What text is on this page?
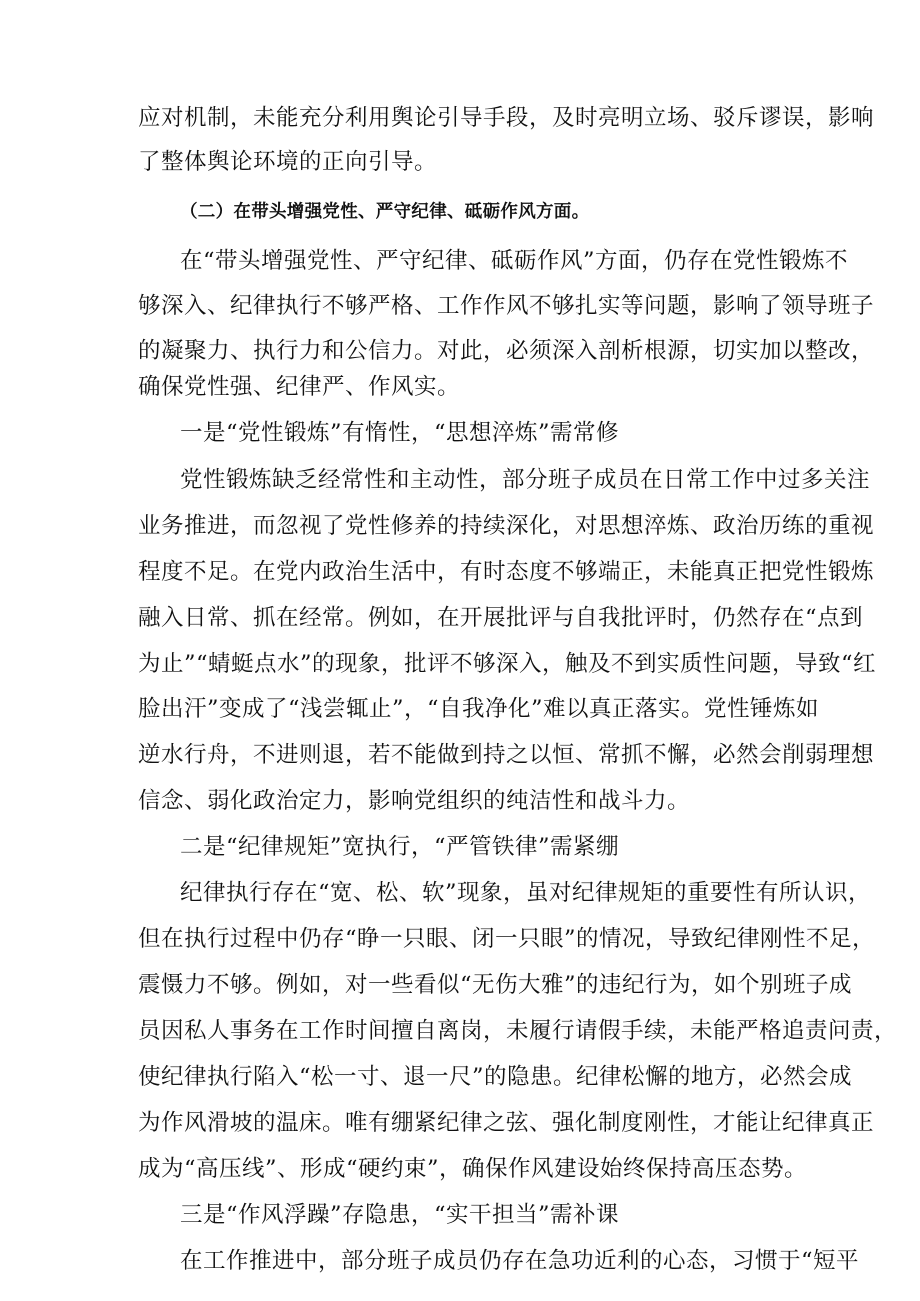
应对机制，未能充分利用舆论引导手段，及时亮明立场、驳斥谬误，影响
了整体舆论环境的正向引导。
（二）在带头增强党性、严守纪律、砥砺作风方面。
在“带头增强党性、严守纪律、砥砺作风”方面，仍存在党性锻炼不
够深入、纪律执行不够严格、工作作风不够扎实等问题，影响了领导班子
的凝聚力、执行力和公信力。对此，必须深入剖析根源，切实加以整改，
确保党性强、纪律严、作风实。
一是“党性锻炼”有惰性，“思想淬炼”需常修
党性锻炼缺乏经常性和主动性，部分班子成员在日常工作中过多关注
业务推进，而忽视了党性修养的持续深化，对思想淬炼、政治历练的重视
程度不足。在党内政治生活中，有时态度不够端正，未能真正把党性锻炼
融入日常、抓在经常。例如，在开展批评与自我批评时，仍然存在“点到
为止”“蜻蜓点水”的现象，批评不够深入，触及不到实质性问题，导致“红
脸出汗”变成了“浅尝辄止”，“自我净化”难以真正落实。党性锤炼如
逆水行舟，不进则退，若不能做到持之以恒、常抓不懈，必然会削弱理想
信念、弱化政治定力，影响党组织的纯洁性和战斗力。
二是“纪律规矩”宽执行，“严管铁律”需紧绷
纪律执行存在“宽、松、软”现象，虽对纪律规矩的重要性有所认识，
但在执行过程中仍存“睁一只眼、闭一只眼”的情况，导致纪律刚性不足，
震慑力不够。例如，对一些看似“无伤大雅”的违纪行为，如个别班子成
员因私人事务在工作时间擅自离岗，未履行请假手续，未能严格追责问责，
使纪律执行陷入“松一寸、退一尺”的隐患。纪律松懈的地方，必然会成
为作风滑坡的温床。唯有绷紧纪律之弦、强化制度刚性，才能让纪律真正
成为“高压线”、形成“硬约束”，确保作风建设始终保持高压态势。
三是“作风浮躁”存隐患，“实干担当”需补课
在工作推进中，部分班子成员仍存在急功近利的心态，习惯于“短平
